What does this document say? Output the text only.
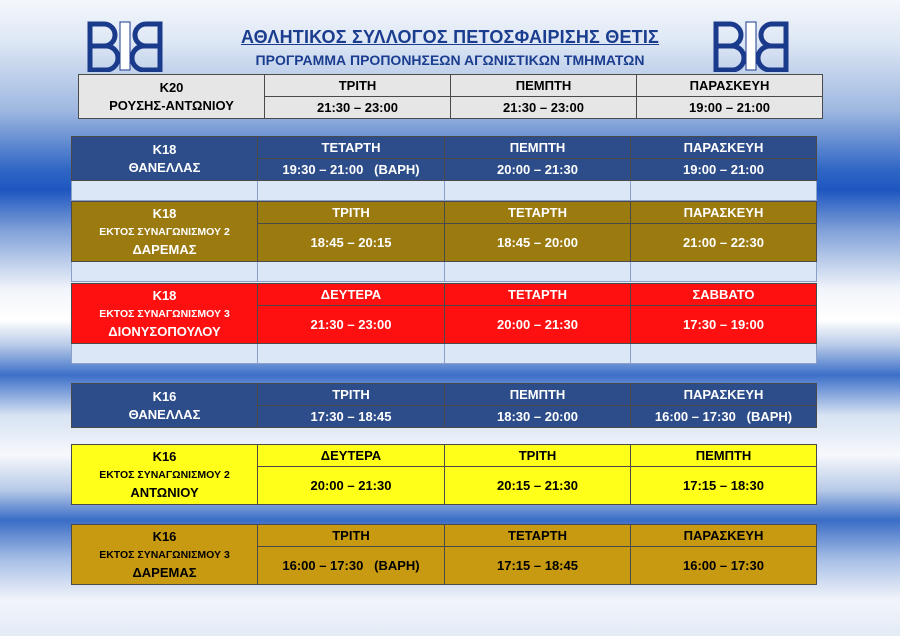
ΑΘΛΗΤΙΚΟΣ ΣΥΛΛΟΓΟΣ ΠΕΤΟΣΦΑΙΡΙΣΗΣ ΘΕΤΙΣ
ΠΡΟΓΡΑΜΜΑ ΠΡΟΠΟΝΗΣΕΩΝ ΑΓΩΝΙΣΤΙΚΩΝ ΤΜΗΜΑΤΩΝ
Κ20
ΡΟΥΣΗΣ-ΑΝΤΩΝΙΟΥ	ΤΡΙΤΗ	ΠΕΜΠΤΗ	ΠΑΡΑΣΚΕΥΗ
	21:30 – 23:00	21:30 – 23:00	19:00 – 21:00
Κ18
ΘΑΝΕΛΛΑΣ	ΤΕΤΑΡΤΗ	ΠΕΜΠΤΗ	ΠΑΡΑΣΚΕΥΗ
	19:30 – 21:00   (ΒΑΡΗ)	20:00 – 21:30	19:00 – 21:00

Κ18
ΕΚΤΟΣ ΣΥΝΑΓΩΝΙΣΜΟΥ 2
ΔΑΡΕΜΑΣ	ΤΡΙΤΗ	ΤΕΤΑΡΤΗ	ΠΑΡΑΣΚΕΥΗ
	18:45 – 20:15	18:45 – 20:00	21:00 – 22:30

Κ18
ΕΚΤΟΣ ΣΥΝΑΓΩΝΙΣΜΟΥ 3
ΔΙΟΝΥΣΟΠΟΥΛΟΥ	ΔΕΥΤΕΡΑ	ΤΕΤΑΡΤΗ	ΣΑΒΒΑΤΟ
	21:30 – 23:00	20:00 – 21:30	17:30 – 19:00

Κ16
ΘΑΝΕΛΛΑΣ	ΤΡΙΤΗ	ΠΕΜΠΤΗ	ΠΑΡΑΣΚΕΥΗ
	17:30 – 18:45	18:30 – 20:00	16:00 – 17:30   (ΒΑΡΗ)
Κ16
ΕΚΤΟΣ ΣΥΝΑΓΩΝΙΣΜΟΥ 2
ΑΝΤΩΝΙΟΥ	ΔΕΥΤΕΡΑ	ΤΡΙΤΗ	ΠΕΜΠΤΗ
	20:00 – 21:30	20:15 – 21:30	17:15 – 18:30
Κ16
ΕΚΤΟΣ ΣΥΝΑΓΩΝΙΣΜΟΥ 3
ΔΑΡΕΜΑΣ	ΤΡΙΤΗ	ΤΕΤΑΡΤΗ	ΠΑΡΑΣΚΕΥΗ
	16:00 – 17:30   (ΒΑΡΗ)	17:15 – 18:45	16:00 – 17:30
